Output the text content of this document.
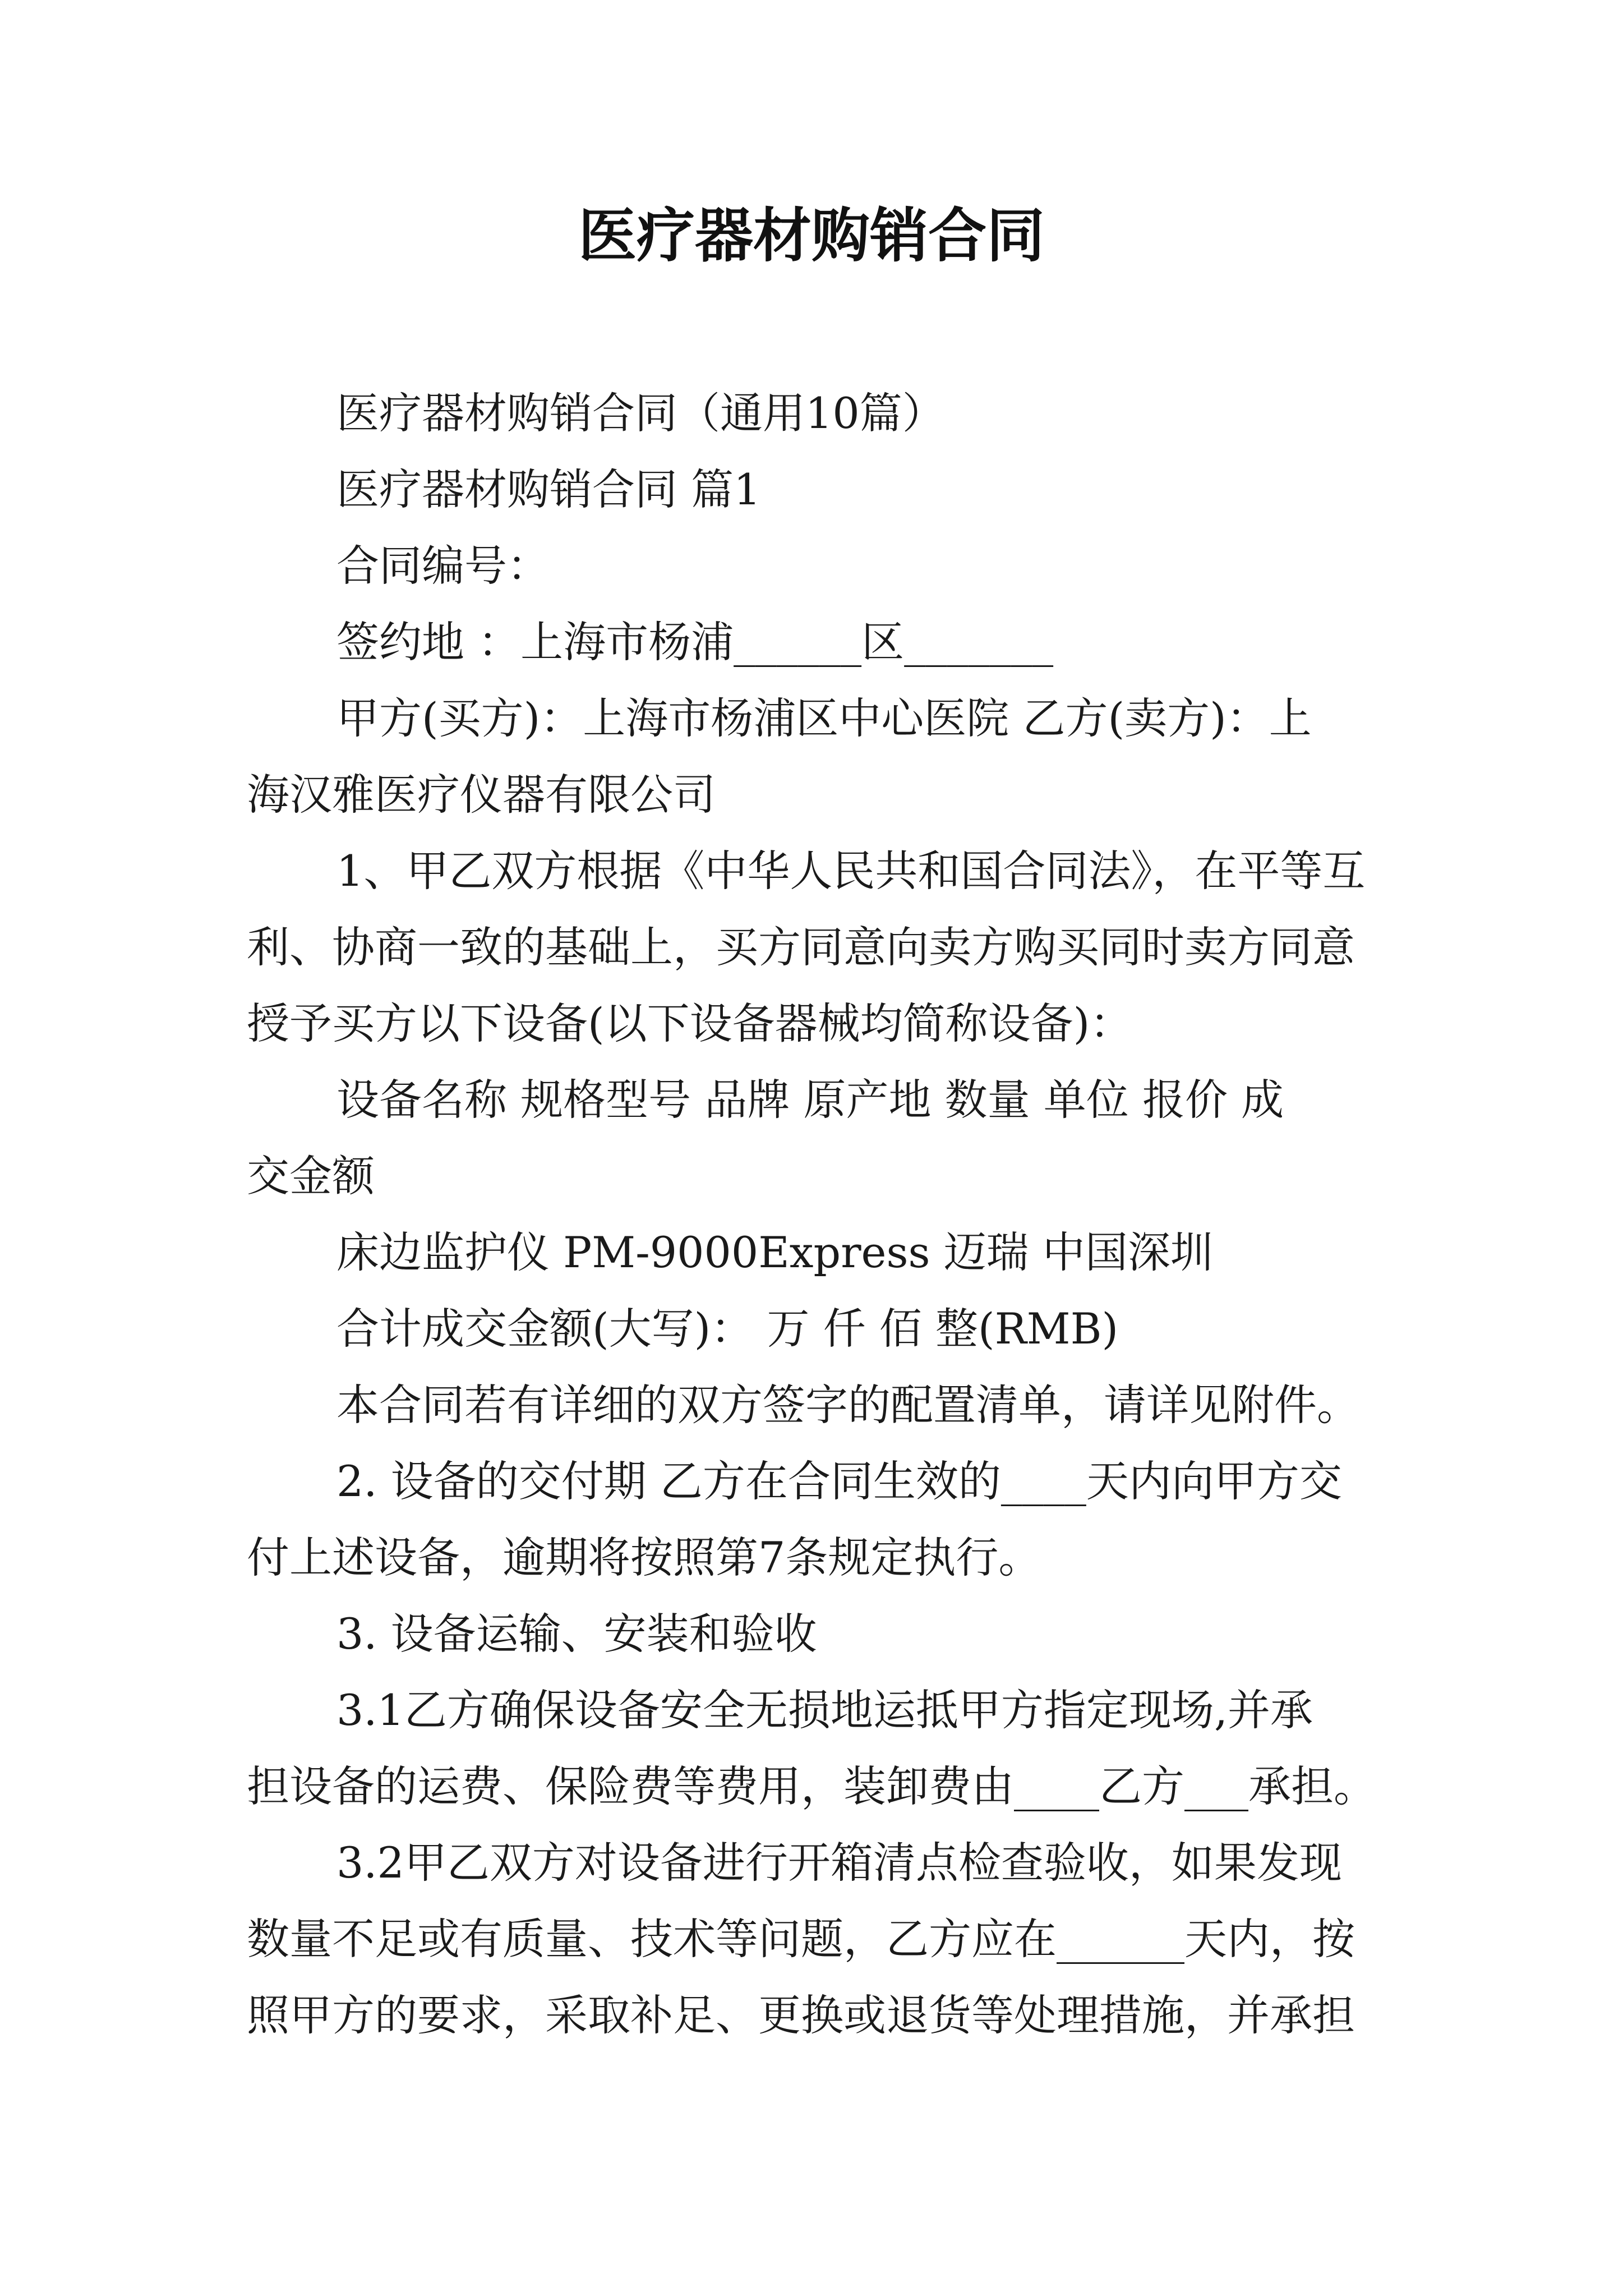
医疗器材购销合同
医疗器材购销合同（通用10篇）
医疗器材购销合同 篇1
合同编号：
签约地 ：上海市杨浦______区_______
甲方(买方)：上海市杨浦区中心医院 乙方(卖方)：上
海汉雅医疗仪器有限公司
1、甲乙双方根据《中华人民共和国合同法》，在平等互
利、协商一致的基础上，买方同意向卖方购买同时卖方同意
授予买方以下设备(以下设备器械均简称设备)：
设备名称 规格型号 品牌 原产地 数量 单位 报价 成
交金额
床边监护仪 PM-9000Express 迈瑞 中国深圳
合计成交金额(大写)： 万 仟 佰 整(RMB)
本合同若有详细的双方签字的配置清单，请详见附件。
2. 设备的交付期 乙方在合同生效的____天内向甲方交
付上述设备，逾期将按照第7条规定执行。
3. 设备运输、安装和验收
3.1乙方确保设备安全无损地运抵甲方指定现场,并承
担设备的运费、保险费等费用，装卸费由____乙方___承担。
3.2甲乙双方对设备进行开箱清点检查验收，如果发现
数量不足或有质量、技术等问题，乙方应在______天内，按
照甲方的要求，采取补足、更换或退货等处理措施，并承担
